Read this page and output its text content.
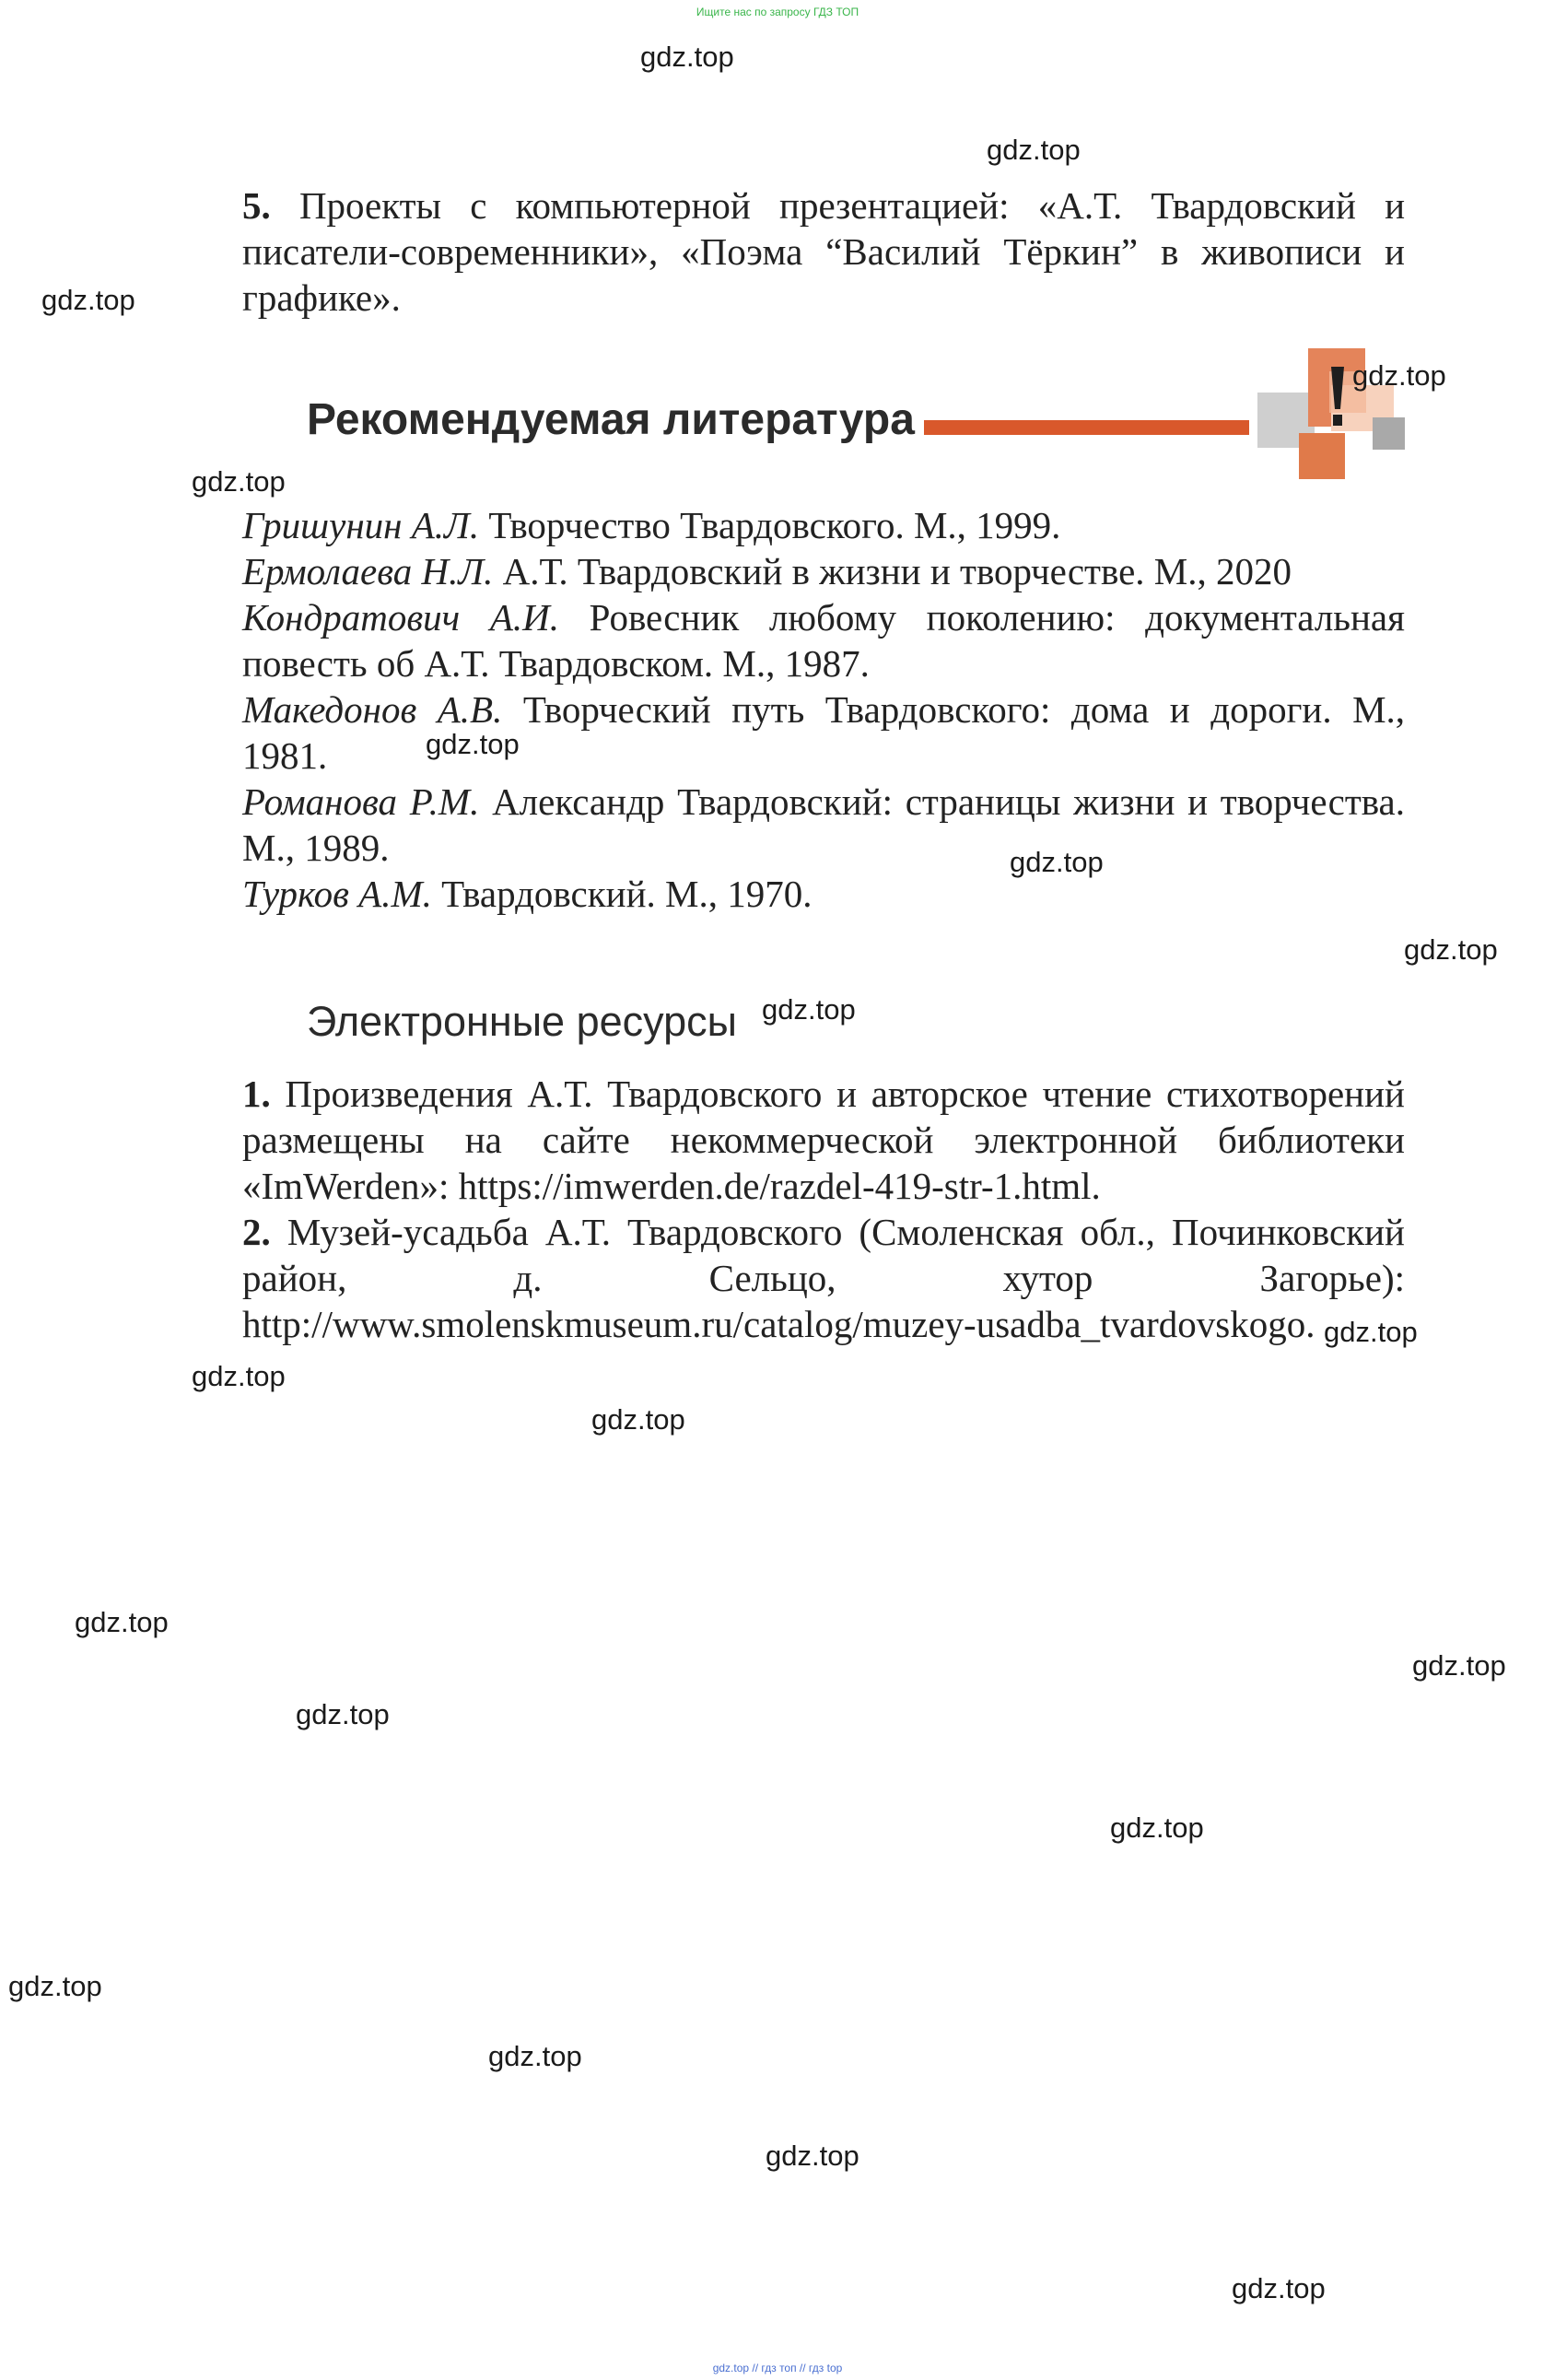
Ищите нас по запросу ГДЗ ТОП
5. Проекты с компьютерной презентацией: «А.Т. Твардовский и писатели-современники», «Поэма “Василий Тёркин” в живописи и графике».
Рекомендуемая литература

Гришунин А.Л. Творчество Твардовского. М., 1999.

Ермолаева Н.Л. А.Т. Твардовский в жизни и творчестве. М., 2020

Кондратович А.И. Ровесник любому поколению: документальная повесть об А.Т. Твардовском. М., 1987.

Македонов А.В. Творческий путь Твардовского: дома и дороги. М., 1981.

Романова Р.М. Александр Твардовский: страницы жизни и творчества. М., 1989.

Турков А.М. Твардовский. М., 1970.

Электронные ресурсы
1. Произведения А.Т. Твардовского и авторское чтение стихотворений размещены на сайте некоммерческой электронной библиотеки «ImWerden»: https://imwerden.de/razdel-419-str-1.html.
2. Музей-усадьба А.Т. Твардовского (Смоленская обл., Починковский район, д. Сельцо, хутор Загорье): http://www.smolenskmuseum.ru/catalog/muzey-usadba_tvardovskogo.
gdz.top
gdz.top
gdz.top
gdz.top
gdz.top
gdz.top
gdz.top
gdz.top
gdz.top
gdz.top
gdz.top
gdz.top
gdz.top
gdz.top
gdz.top
gdz.top
gdz.top
gdz.top
gdz.top
gdz.top
gdz.top // гдз топ // гдз top
